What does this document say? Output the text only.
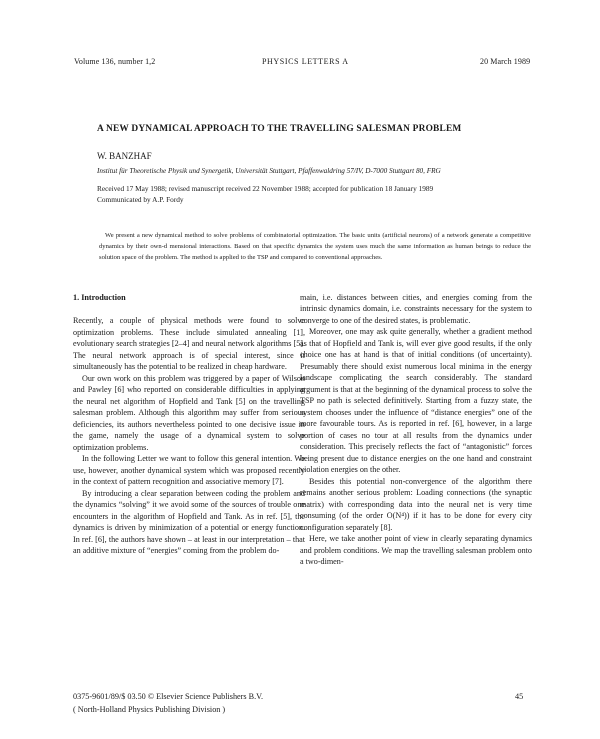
Volume 136, number 1,2	PHYSICS LETTERS A	20 March 1989
A NEW DYNAMICAL APPROACH TO THE TRAVELLING SALESMAN PROBLEM
W. BANZHAF
Institut für Theoretische Physik und Synergetik, Universität Stuttgart, Pfaffenwaldring 57/IV, D-7000 Stuttgart 80, FRG
Received 17 May 1988; revised manuscript received 22 November 1988; accepted for publication 18 January 1989
Communicated by A.P. Fordy

We present a new dynamical method to solve problems of combinatorial optimization. The basic units (artificial neurons) of a network generate a competitive dynamics by their own-d mensional interactions. Based on that specific dynamics the system uses much the same information as human beings to reduce the solution space of the problem. The method is applied to the TSP and compared to conventional approaches.

1. Introduction

Recently, a couple of physical methods were found to solve optimization problems. These include simulated annealing [1], evolutionary search strategies [2–4] and neural network algorithms [5]. The neural network approach is of special interest, since it simultaneously has the potential to be realized in cheap hardware.

Our own work on this problem was triggered by a paper of Wilson and Pawley [6] who reported on considerable difficulties in applying the neural net algorithm of Hopfield and Tank [5] on the travelling salesman problem. Although this algorithm may suffer from serious deficiencies, its authors nevertheless pointed to one decisive issue in the game, namely the usage of a dynamical system to solve optimization problems.

In the following Letter we want to follow this general intention. We use, however, another dynamical system which was proposed recently in the context of pattern recognition and associative memory [7].

By introducing a clear separation between coding the problem and the dynamics “solving” it we avoid some of the sources of trouble one encounters in the algorithm of Hopfield and Tank. As in ref. [5], the dynamics is driven by minimization of a potential or energy function. In ref. [6], the authors have shown – at least in our interpretation – that an additive mixture of “energies” coming from the problem do-

main, i.e. distances between cities, and energies coming from the intrinsic dynamics domain, i.e. constraints necessary for the system to converge to one of the desired states, is problematic.

Moreover, one may ask quite generally, whether a gradient method as that of Hopfield and Tank is, will ever give good results, if the only choice one has at hand is that of initial conditions (of uncertainty). Presumably there should exist numerous local minima in the energy landscape complicating the search considerably. The standard argument is that at the beginning of the dynamical process to solve the TSP no path is selected definitively. Starting from a fuzzy state, the system chooses under the influence of “distance energies” one of the more favourable tours. As is reported in ref. [6], however, in a large portion of cases no tour at all results from the dynamics under consideration. This precisely reflects the fact of “antagonistic” forces being present due to distance energies on the one hand and constraint violation energies on the other.

Besides this potential non-convergence of the algorithm there remains another serious problem: Loading connections (the synaptic matrix) with corresponding data into the neural net is very time consuming (of the order O(N⁴)) if it has to be done for every city configuration separately [8].

Here, we take another point of view in clearly separating dynamics and problem conditions. We map the travelling salesman problem onto a two-dimen-

0375-9601/89/$ 03.50 © Elsevier Science Publishers B.V.
( North-Holland Physics Publishing Division )
45
